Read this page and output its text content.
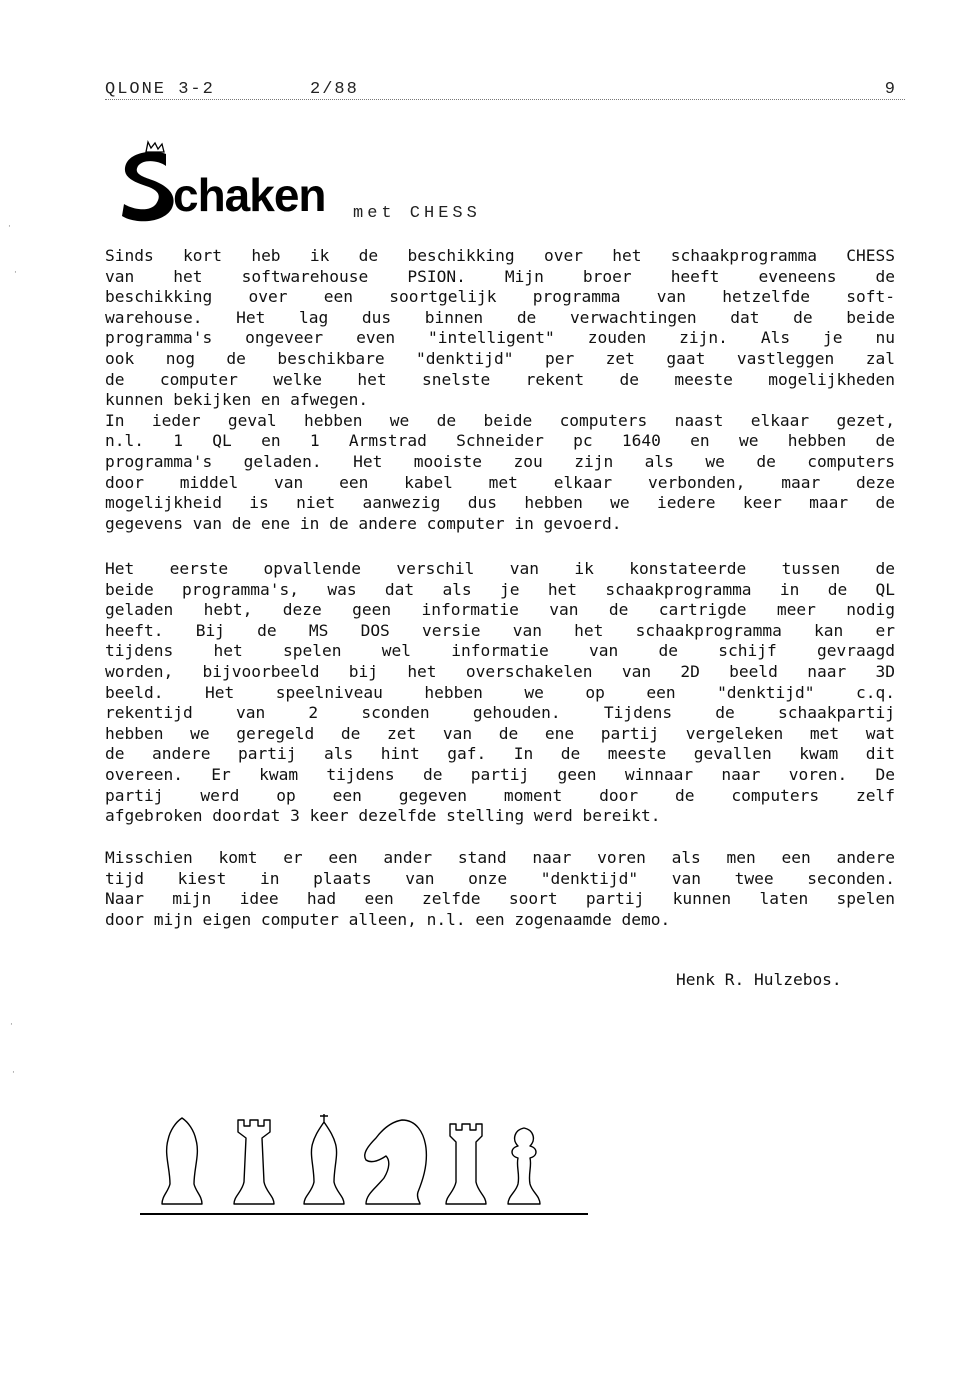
QLONE 3-2	2/88	9
chaken met CHESS
Sinds kort heb ik de beschikking over het schaakprogramma CHESS
van het softwarehouse PSION. Mijn broer heeft eveneens de
beschikking over een soortgelijk programma van hetzelfde soft-
warehouse. Het lag dus binnen de verwachtingen dat de beide
programma's ongeveer even "intelligent" zouden zijn. Als je nu
ook nog de beschikbare "denktijd" per zet gaat vastleggen zal
de computer welke het snelste rekent de meeste mogelijkheden
kunnen bekijken en afwegen.
In ieder geval hebben we de beide computers naast elkaar gezet,
n.l. 1 QL en 1 Armstrad Schneider pc 1640 en we hebben de
programma's geladen. Het mooiste zou zijn als we de computers
door middel van een kabel met elkaar verbonden, maar deze
mogelijkheid is niet aanwezig dus hebben we iedere keer maar de
gegevens van de ene in de andere computer in gevoerd.
Het eerste opvallende verschil van ik konstateerde tussen de
beide programma's, was dat als je het schaakprogramma in de QL
geladen hebt, deze geen informatie van de cartrigde meer nodig
heeft. Bij de MS DOS versie van het schaakprogramma kan er
tijdens het spelen wel informatie van de schijf gevraagd
worden, bijvoorbeeld bij het overschakelen van 2D beeld naar 3D
beeld. Het speelniveau hebben we op een "denktijd" c.q.
rekentijd van 2 sconden gehouden. Tijdens de schaakpartij
hebben we geregeld de zet van de ene partij vergeleken met wat
de andere partij als hint gaf. In de meeste gevallen kwam dit
overeen. Er kwam tijdens de partij geen winnaar naar voren. De
partij werd op een gegeven moment door de computers zelf
afgebroken doordat 3 keer dezelfde stelling werd bereikt.
Misschien komt er een ander stand naar voren als men een andere
tijd kiest in plaats van onze "denktijd" van twee seconden.
Naar mijn idee had een zelfde soort partij kunnen laten spelen
door mijn eigen computer alleen, n.l. een zogenaamde demo.
Henk R. Hulzebos.
·
·
·
·
